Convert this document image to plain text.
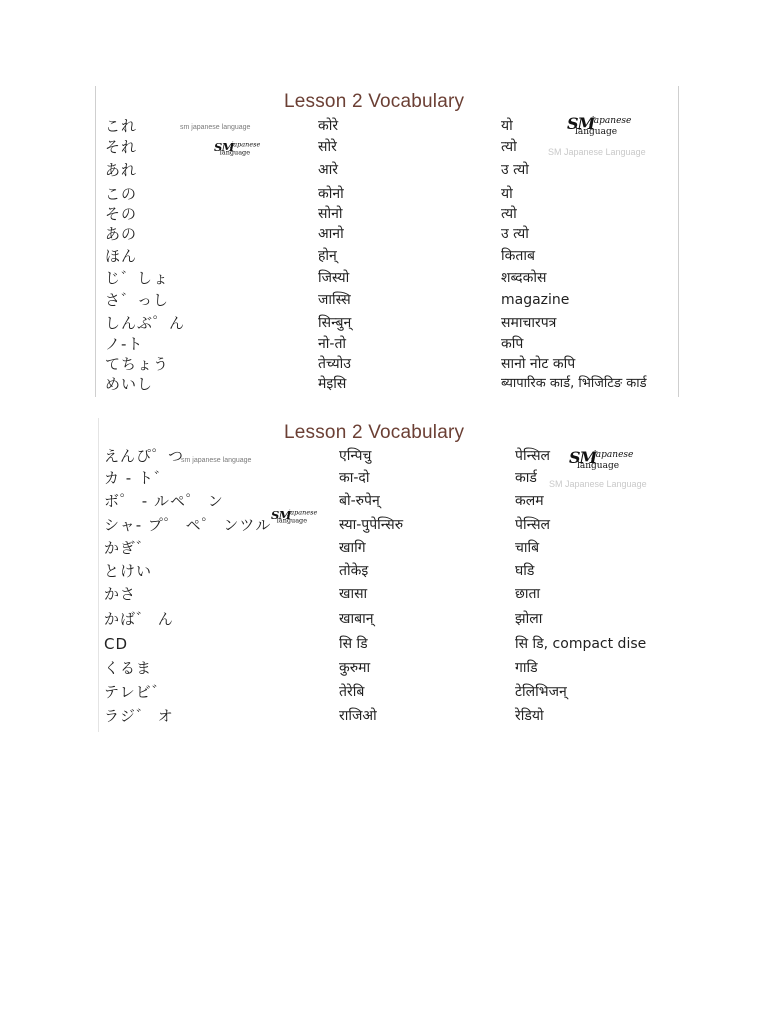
Lesson 2 Vocabulary
sm japanese language
SM
japanese
language
SM
japanese
language
SM Japanese Language
これ	कोरे	यो
それ	सोरे	त्यो
あれ	आरे	उ त्यो
この	कोनो	यो
その	सोनो	त्यो
あの	आनो	उ त्यो
ほん	होन्	किताब
じ゛しょ	जिस्यो	शब्दकोस
さ゛っし	जास्सि	magazine
しんぶ゜ん	सिन्बुन्	समाचारपत्र
ノ-ト	नो-तो	कपि
てちょう	तेच्योउ	सानो नोट कपि
めいし	मेइसि	ब्यापारिक कार्ड, भिजिटिङ कार्ड
Lesson 2 Vocabulary
sm japanese language
SM
japanese
language
SM
japanese
language
SM Japanese Language
えんぴ゜つ	एन्पिचु	पेन्सिल
カ - ト゛	का-दो	कार्ड
ボ゜ - ルペ゜ ン	बो-रुपेन्	कलम
シャ- プ゜ ペ゜ ンツル	स्या-पुपेन्सिरु	पेन्सिल
かぎ゛	खागि	चाबि
とけい	तोकेइ	घडि
かさ	खासा	छाता
かば゛ ん	खाबान्	झोला
CD	सि डि	सि डि, compact dise
くるま	कुरुमा	गाडि
テレビ゛	तेरेबि	टेलिभिजन्
ラジ゛ オ	राजिओ	रेडियो
